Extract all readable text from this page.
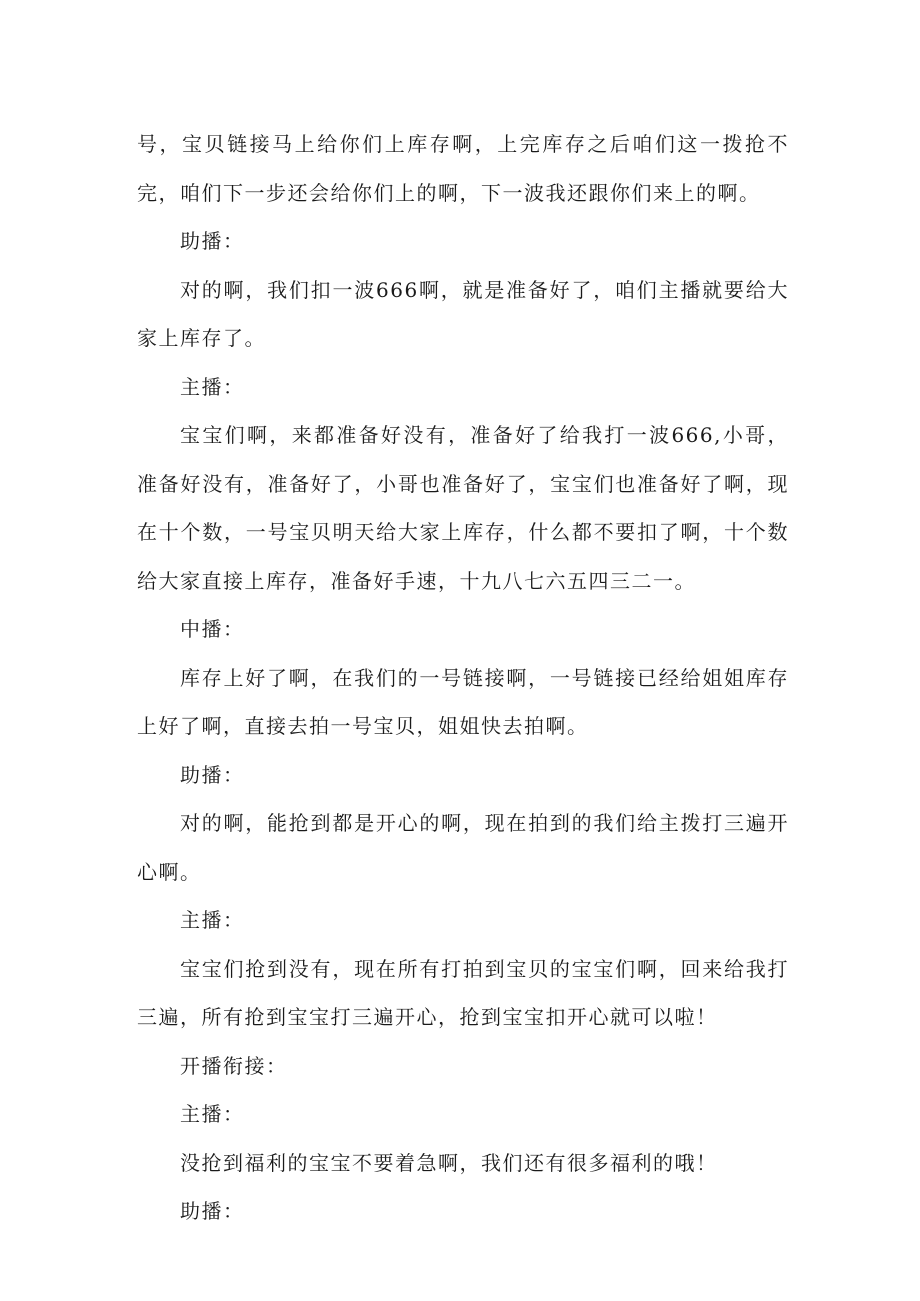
号，宝贝链接马上给你们上库存啊，上完库存之后咱们这一拨抢不完，咱们下一步还会给你们上的啊，下一波我还跟你们来上的啊。

助播：

对的啊，我们扣一波666啊，就是准备好了，咱们主播就要给大家上库存了。

主播：

宝宝们啊，来都准备好没有，准备好了给我打一波666,小哥，准备好没有，准备好了，小哥也准备好了，宝宝们也准备好了啊，现在十个数，一号宝贝明天给大家上库存，什么都不要扣了啊，十个数给大家直接上库存，准备好手速，十九八七六五四三二一。

中播：

库存上好了啊，在我们的一号链接啊，一号链接已经给姐姐库存上好了啊，直接去拍一号宝贝，姐姐快去拍啊。

助播：

对的啊，能抢到都是开心的啊，现在拍到的我们给主拨打三遍开心啊。

主播：

宝宝们抢到没有，现在所有打拍到宝贝的宝宝们啊，回来给我打三遍，所有抢到宝宝打三遍开心，抢到宝宝扣开心就可以啦！

开播衔接：

主播：

没抢到福利的宝宝不要着急啊，我们还有很多福利的哦！

助播：
